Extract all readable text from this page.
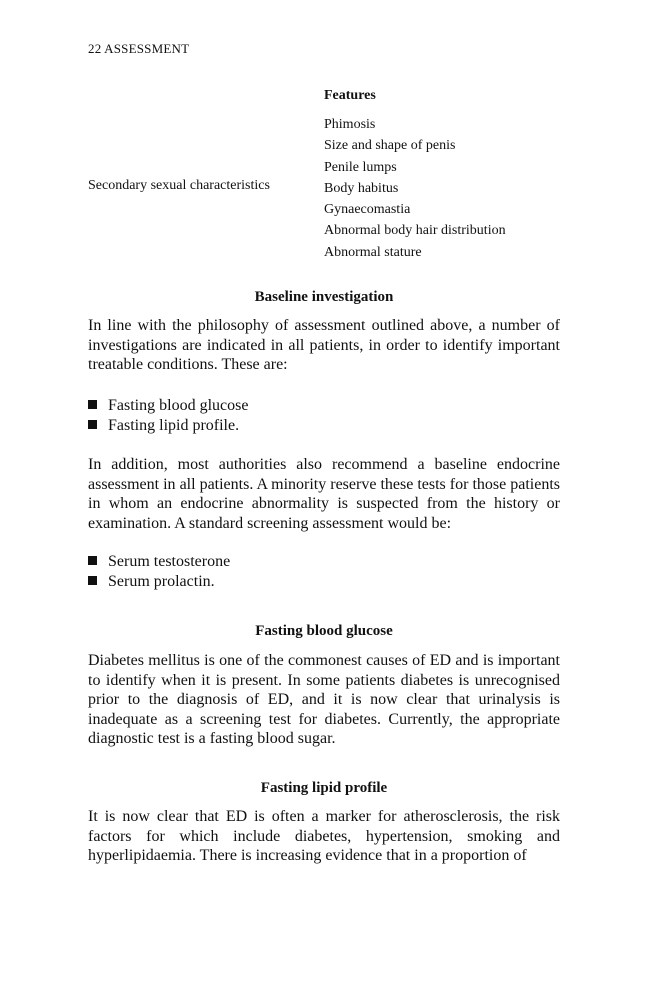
22 ASSESSMENT
Features
Phimosis
Size and shape of penis
Penile lumps
Body habitus
Gynaecomastia
Abnormal body hair distribution
Abnormal stature
Secondary sexual characteristics
Baseline investigation

In line with the philosophy of assessment outlined above, a number of investigations are indicated in all patients, in order to identify important treatable conditions. These are:

Fasting blood glucose
Fasting lipid profile.

In addition, most authorities also recommend a baseline endocrine assessment in all patients. A minority reserve these tests for those patients in whom an endocrine abnormality is suspected from the history or examination. A standard screening assessment would be:

Serum testosterone
Serum prolactin.
Fasting blood glucose

Diabetes mellitus is one of the commonest causes of ED and is important to identify when it is present. In some patients diabetes is unrecognised prior to the diagnosis of ED, and it is now clear that urinalysis is inadequate as a screening test for diabetes. Currently, the appropriate diagnostic test is a fasting blood sugar.

Fasting lipid profile

It is now clear that ED is often a marker for atherosclerosis, the risk factors for which include diabetes, hypertension, smoking and hyperlipidaemia. There is increasing evidence that in a proportion of
